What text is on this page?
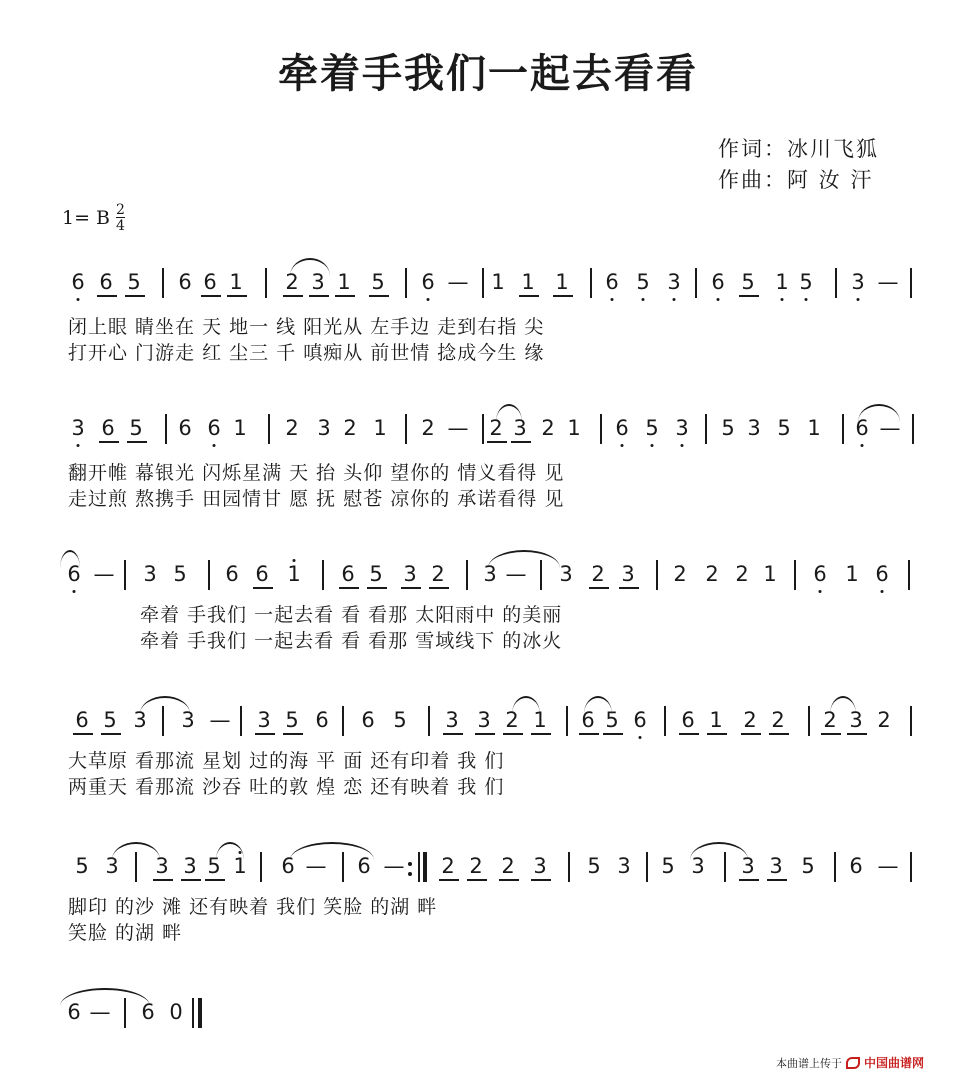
牵着手我们一起去看看
作词：冰川飞狐
作曲：阿 汝 汗
1= B $\frac{2}{4}$
6 6 5 6 6 1 2 3 1 5 6 — 1 1 1 6 5 3 6 5 1 5 3 —
3 6 5 6 6 1 2 3 2 1 2 — 2 3 2 1 6 5 3 5 3 5 1 6 —
6 — 3 5 6 6 1 6 5 3 2 3 — 3 2 3 2 2 2 1 6 1 6
6 5 3 3 — 3 5 6 6 5 3 3 2 1 6 5 6 6 1 2 2 2 3 2
5 3 3 3 5 1 6 — 6 — 2 2 2 3 5 3 5 3 3 3 5 6 —
6 — 6 0
闭上眼 睛坐在 天 地一 线 阳光从 左手边 走到右指 尖
打开心 门游走 红 尘三 千 嗔痴从 前世情 捻成今生 缘
翻开帷 幕银光 闪烁星满 天 抬 头仰 望你的 情义看得 见
走过煎 熬携手 田园情甘 愿 抚 慰苍 凉你的 承诺看得 见
牵着 手我们 一起去看 看 看那 太阳雨中 的美丽
牵着 手我们 一起去看 看 看那 雪域线下 的冰火
大草原 看那流 星划 过的海 平 面 还有印着 我 们
两重天 看那流 沙吞 吐的敦 煌 恋 还有映着 我 们
脚印 的沙 滩 还有映着 我们 笑脸 的湖 畔
笑脸 的湖 畔
本曲谱上传于 中国曲谱网
